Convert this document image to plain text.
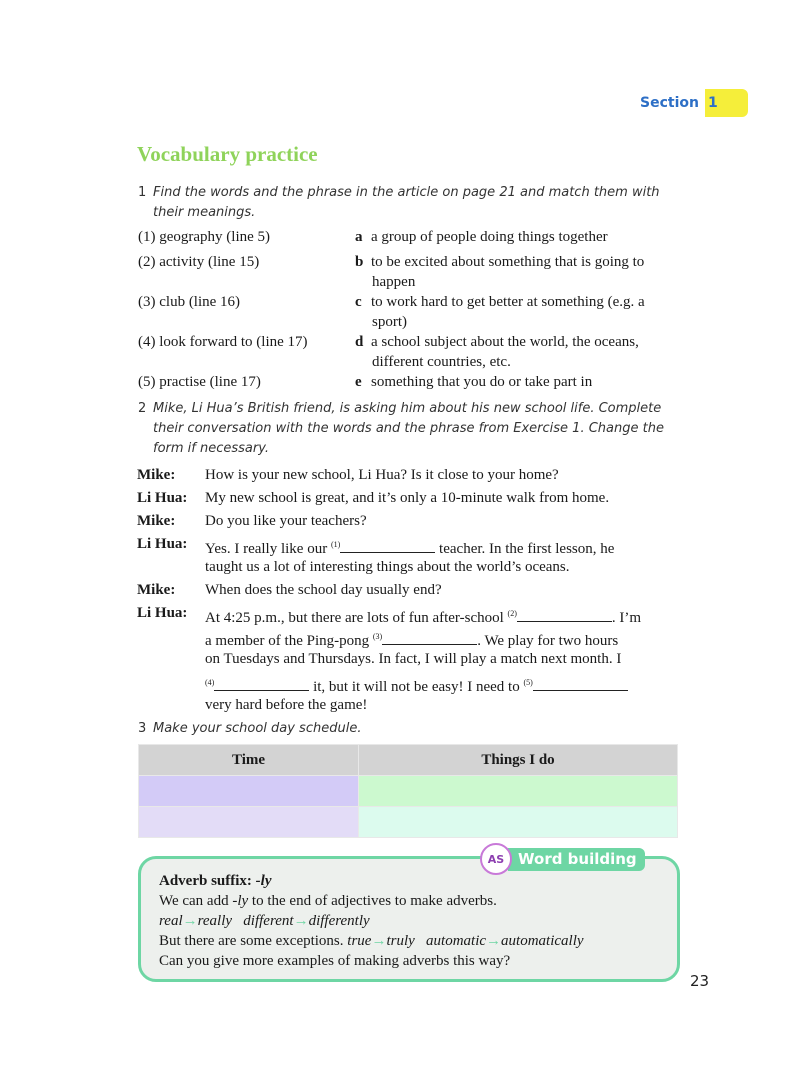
Section 1
Vocabulary practice
1 Find the words and the phrase in the article on page 21 and match them with their meanings.
(1) geography (line 5)	a a group of people doing things together
(2) activity (line 15)	b to be excited about something that is going to
happen
(3) club (line 16)	c to work hard to get better at something (e.g. a
sport)
(4) look forward to (line 17)	d a school subject about the world, the oceans,
different countries, etc.
(5) practise (line 17)	e something that you do or take part in
2 Mike, Li Hua’s British friend, is asking him about his new school life. Complete their conversation with the words and the phrase from Exercise 1. Change the form if necessary.
Mike: How is your new school, Li Hua? Is it close to your home?
Li Hua: My new school is great, and it’s only a 10-minute walk from home.
Mike: Do you like your teachers?
Li Hua: Yes. I really like our $^{(1)}$	teacher. In the first lesson, he
taught us a lot of interesting things about the world’s oceans.
Mike: When does the school day usually end?
Li Hua: At 4:25 p.m., but there are lots of fun after-school $^{(2)}$	. I’m
a member of the Ping-pong $^{(3)}$	. We play for two hours
on Tuesdays and Thursdays. In fact, I will play a match next month. I
$^{(4)}$	it, but it will not be easy! I need to $^{(5)}$
very hard before the game!
3 Make your school day schedule.
Time	Things I do

Adverb suffix: -ly
We can add -ly to the end of adjectives to make adverbs.
real→really different→differently
But there are some exceptions. true→truly automatic→automatically
Can you give more examples of making adverbs this way?
AS Word building
23
